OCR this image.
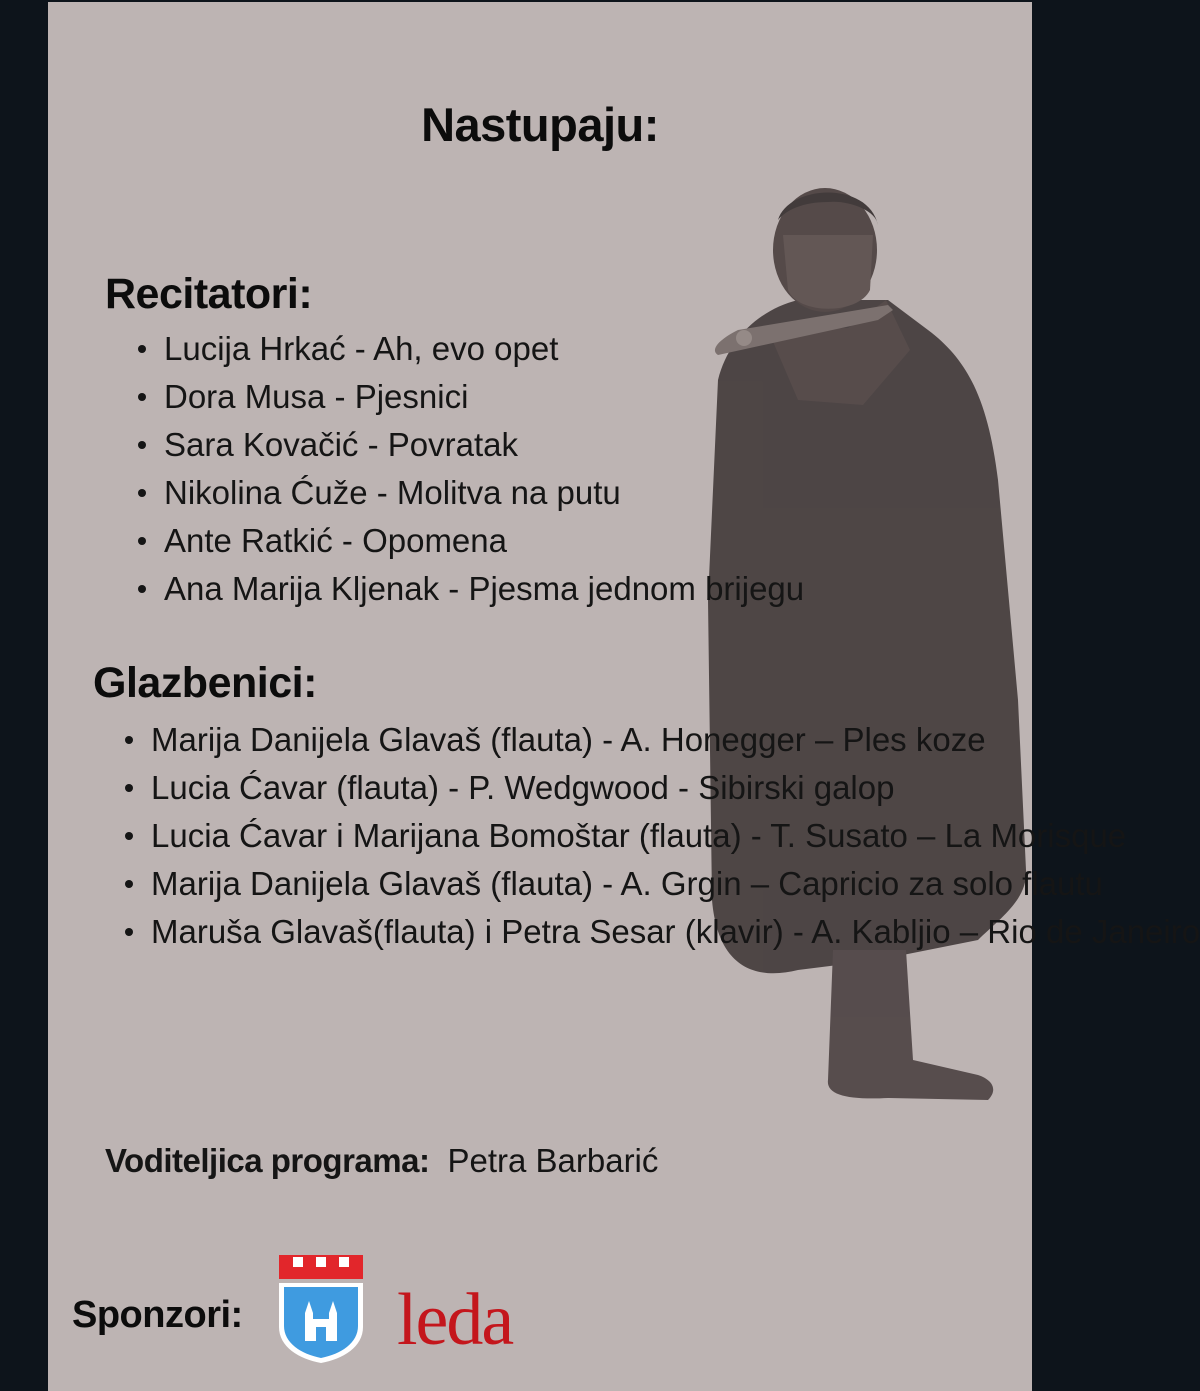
Nastupaju:
Recitatori:
Lucija Hrkać - Ah, evo opet
Dora Musa - Pjesnici
Sara Kovačić - Povratak
Nikolina Ćuže - Molitva na putu
Ante Ratkić - Opomena
Ana Marija Kljenak - Pjesma jednom brijegu
Glazbenici:
Marija Danijela Glavaš (flauta) - A. Honegger – Ples koze
Lucia Ćavar (flauta) - P. Wedgwood - Sibirski galop
Lucia Ćavar i Marijana Bomoštar (flauta) - T. Susato – La Morisque
Marija Danijela Glavaš (flauta) - A. Grgin – Capricio za solo flautu
Maruša Glavaš(flauta) i Petra Sesar (klavir) - A. Kabljio – Rio de Janeiro
Voditeljica programa: Petra Barbarić
Sponzori: leda
